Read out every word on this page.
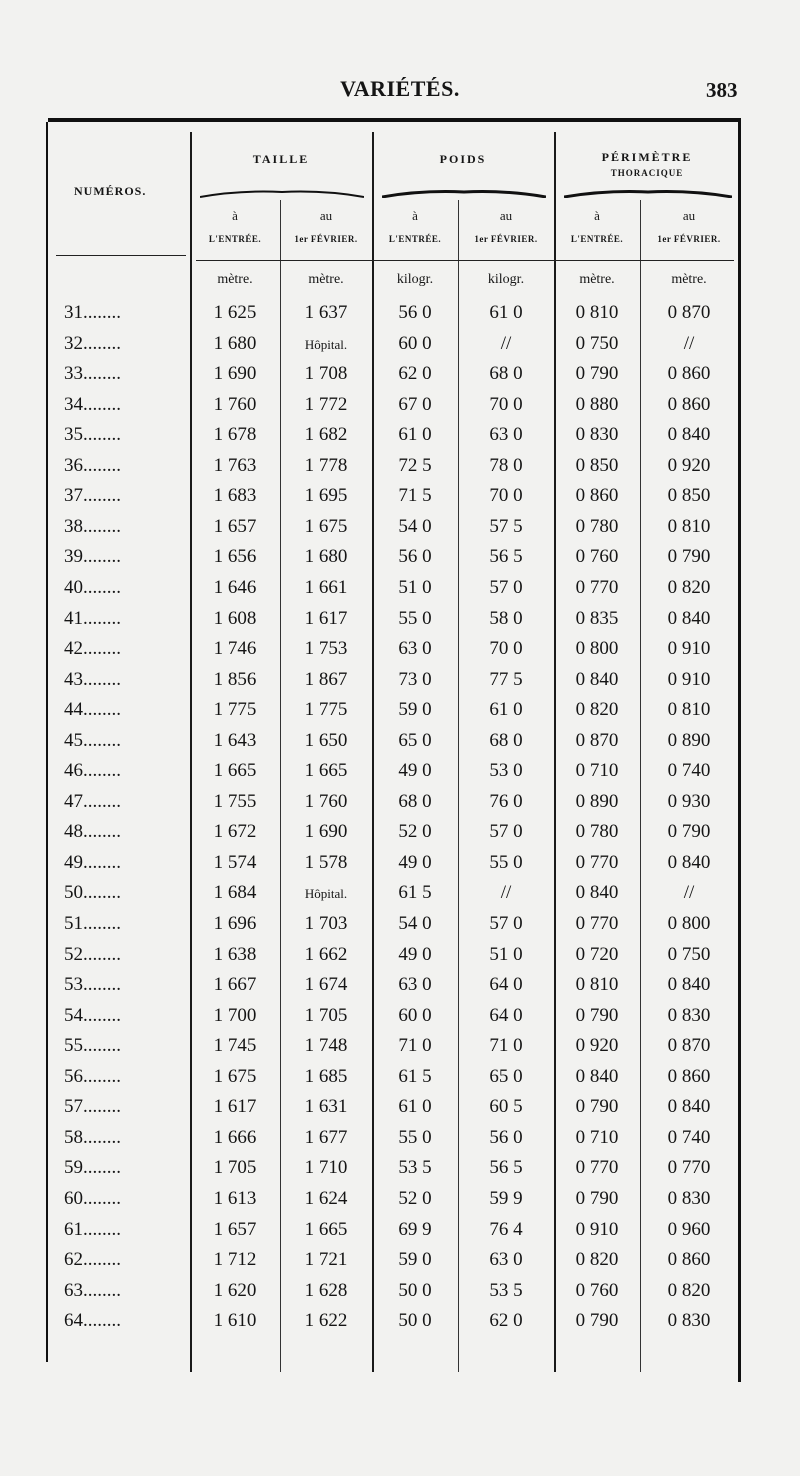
VARIÉTÉS.	383
NUMÉROS.
TAILLE	POIDS	PÉRIMÈTRE
THORACIQUE
à	au	à	au	à	au
L'ENTRÉE.	1er FÉVRIER.	L'ENTRÉE.	1er FÉVRIER.	L'ENTRÉE.	1er FÉVRIER.
mètre.	mètre.	kilogr.	kilogr.	mètre.	mètre.
31........	1 625	1 637	56 0	61 0	0 810	0 870
32........	1 680	Hôpital.	60 0	//	0 750	//
33........	1 690	1 708	62 0	68 0	0 790	0 860
34........	1 760	1 772	67 0	70 0	0 880	0 860
35........	1 678	1 682	61 0	63 0	0 830	0 840
36........	1 763	1 778	72 5	78 0	0 850	0 920
37........	1 683	1 695	71 5	70 0	0 860	0 850
38........	1 657	1 675	54 0	57 5	0 780	0 810
39........	1 656	1 680	56 0	56 5	0 760	0 790
40........	1 646	1 661	51 0	57 0	0 770	0 820
41........	1 608	1 617	55 0	58 0	0 835	0 840
42........	1 746	1 753	63 0	70 0	0 800	0 910
43........	1 856	1 867	73 0	77 5	0 840	0 910
44........	1 775	1 775	59 0	61 0	0 820	0 810
45........	1 643	1 650	65 0	68 0	0 870	0 890
46........	1 665	1 665	49 0	53 0	0 710	0 740
47........	1 755	1 760	68 0	76 0	0 890	0 930
48........	1 672	1 690	52 0	57 0	0 780	0 790
49........	1 574	1 578	49 0	55 0	0 770	0 840
50........	1 684	Hôpital.	61 5	//	0 840	//
51........	1 696	1 703	54 0	57 0	0 770	0 800
52........	1 638	1 662	49 0	51 0	0 720	0 750
53........	1 667	1 674	63 0	64 0	0 810	0 840
54........	1 700	1 705	60 0	64 0	0 790	0 830
55........	1 745	1 748	71 0	71 0	0 920	0 870
56........	1 675	1 685	61 5	65 0	0 840	0 860
57........	1 617	1 631	61 0	60 5	0 790	0 840
58........	1 666	1 677	55 0	56 0	0 710	0 740
59........	1 705	1 710	53 5	56 5	0 770	0 770
60........	1 613	1 624	52 0	59 9	0 790	0 830
61........	1 657	1 665	69 9	76 4	0 910	0 960
62........	1 712	1 721	59 0	63 0	0 820	0 860
63........	1 620	1 628	50 0	53 5	0 760	0 820
64........	1 610	1 622	50 0	62 0	0 790	0 830
